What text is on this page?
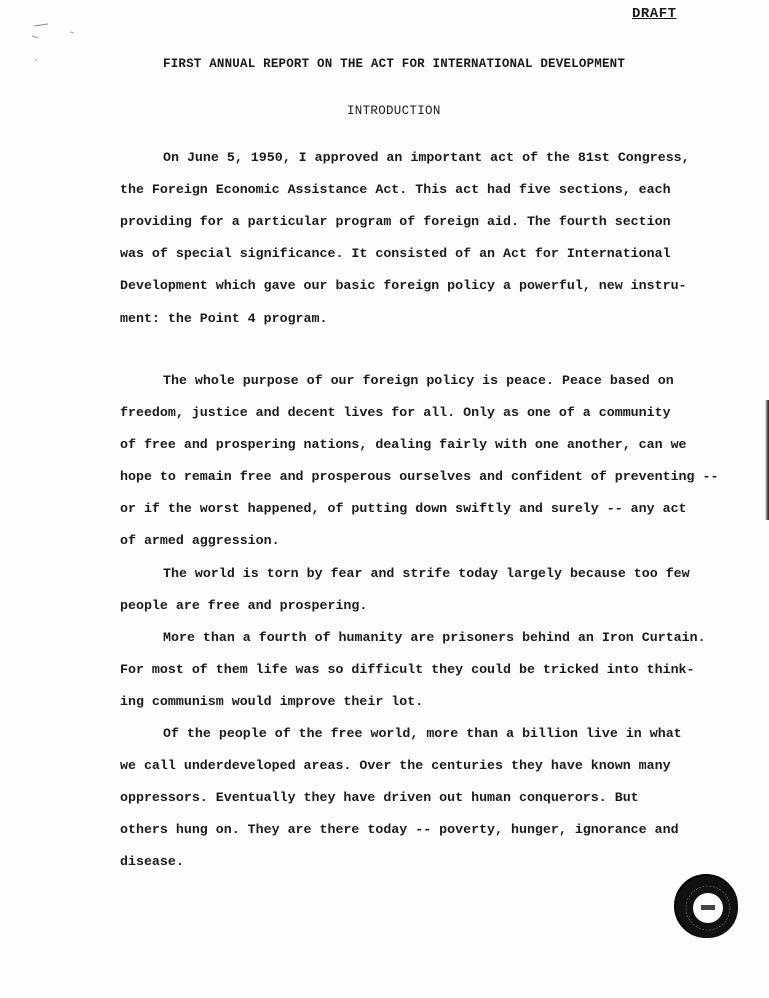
DRAFT
FIRST ANNUAL REPORT ON THE ACT FOR INTERNATIONAL DEVELOPMENT
INTRODUCTION
On June 5, 1950, I approved an important act of the 81st Congress,
the Foreign Economic Assistance Act. This act had five sections, each
providing for a particular program of foreign aid. The fourth section
was of special significance. It consisted of an Act for International
Development which gave our basic foreign policy a powerful, new instru-
ment: the Point 4 program.
The whole purpose of our foreign policy is peace. Peace based on
freedom, justice and decent lives for all. Only as one of a community
of free and prospering nations, dealing fairly with one another, can we
hope to remain free and prosperous ourselves and confident of preventing --
or if the worst happened, of putting down swiftly and surely -- any act
of armed aggression.
The world is torn by fear and strife today largely because too few
people are free and prospering.
More than a fourth of humanity are prisoners behind an Iron Curtain.
For most of them life was so difficult they could be tricked into think-
ing communism would improve their lot.
Of the people of the free world, more than a billion live in what
we call underdeveloped areas. Over the centuries they have known many
oppressors. Eventually they have driven out human conquerors. But
others hung on. They are there today -- poverty, hunger, ignorance and
disease.
